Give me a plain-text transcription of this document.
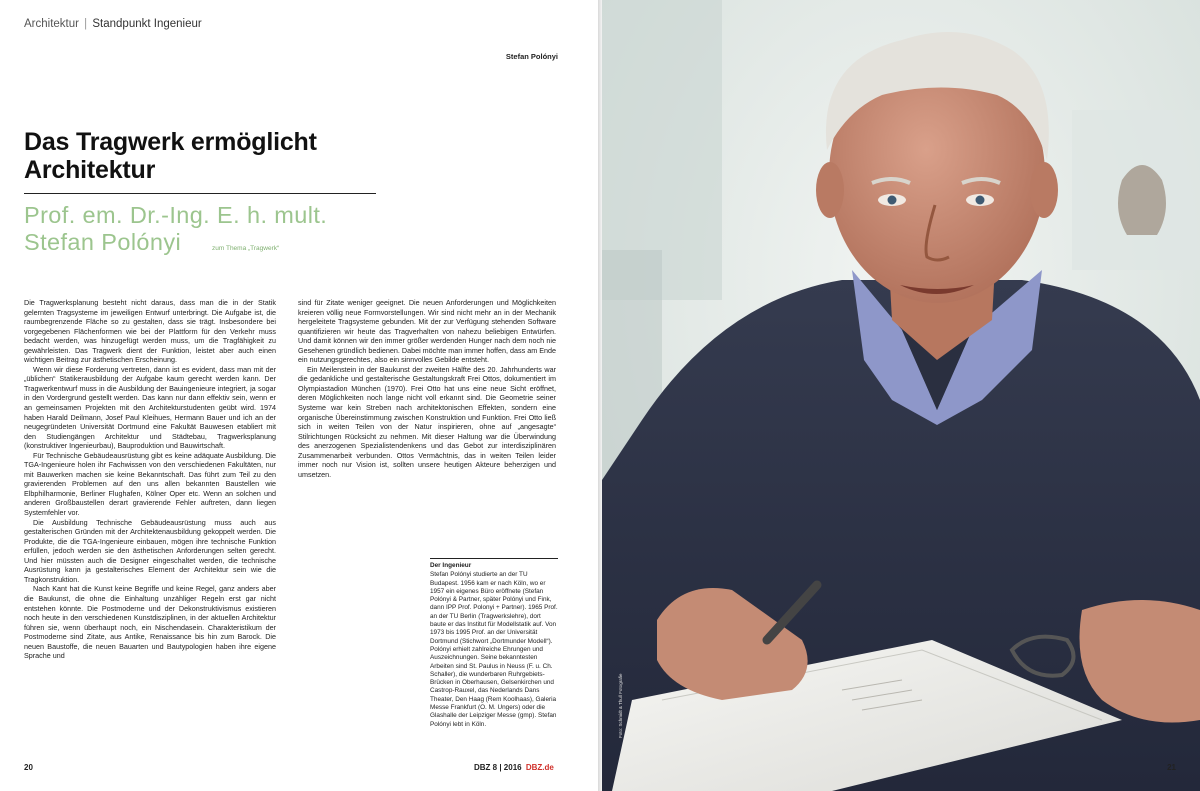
Architektur | Standpunkt Ingenieur
Stefan Polónyi
Das Tragwerk ermöglicht
Architektur
Prof. em. Dr.-Ing. E. h. mult.
Stefan Polónyi	zum Thema „Tragwerk“

Die Tragwerksplanung besteht nicht daraus, dass man die in der Statik gelernten Tragsysteme im jeweiligen Entwurf unterbringt. Die Aufgabe ist, die raumbegrenzende Fläche so zu gestalten, dass sie trägt. Insbesondere bei vorgegebenen Flächenformen wie bei der Plattform für den Verkehr muss bedacht werden, was hinzugefügt werden muss, um die Tragfähigkeit zu gewährleisten. Das Tragwerk dient der Funktion, leistet aber auch einen wichtigen Beitrag zur ästhetischen Erscheinung.

Wenn wir diese Forderung vertreten, dann ist es evident, dass man mit der „üblichen“ Statikerausbildung der Aufgabe kaum gerecht werden kann. Der Tragwerkentwurf muss in die Ausbildung der Bauingenieure integriert, ja sogar in den Vordergrund gestellt werden. Das kann nur dann effektiv sein, wenn er an gemeinsamen Projekten mit den Architekturstudenten geübt wird. 1974 haben Harald Deilmann, Josef Paul Kleihues, Hermann Bauer und ich an der neugegründeten Universität Dortmund eine Fakultät Bauwesen etabliert mit den Studiengängen Architektur und Städtebau, Tragwerksplanung (konstruktiver Ingenieurbau), Bauproduktion und Bauwirtschaft.

Für Technische Gebäudeausrüstung gibt es keine adäquate Ausbildung. Die TGA-Ingenieure holen ihr Fachwissen von den verschiedenen Fakultäten, nur mit Bauwerken machen sie keine Bekanntschaft. Das führt zum Teil zu den gravierenden Problemen auf den uns allen bekannten Baustellen wie Elbphilharmonie, Berliner Flughafen, Kölner Oper etc. Wenn an solchen und anderen Großbaustellen derart gravierende Fehler auftreten, dann liegen Systemfehler vor.

Die Ausbildung Technische Gebäudeausrüstung muss auch aus gestalterischen Gründen mit der Architektenausbildung gekoppelt werden. Die Produkte, die die TGA-Ingenieure einbauen, mögen ihre technische Funktion erfüllen, jedoch werden sie den ästhetischen Anforderungen selten gerecht. Und hier müssten auch die Designer eingeschaltet werden, die technische Ausrüstung kann ja gestalterisches Element der Architektur sein wie die Tragkonstruktion.

Nach Kant hat die Kunst keine Begriffe und keine Regel, ganz anders aber die Baukunst, die ohne die Einhaltung unzähliger Regeln erst gar nicht entstehen könnte. Die Postmoderne und der Dekonstruktivismus existieren noch heute in den verschiedenen Kunstdisziplinen, in der aktuellen Architektur führen sie, wenn überhaupt noch, ein Nischendasein. Charakteristikum der Postmoderne sind Zitate, aus Antike, Renaissance bis hin zum Barock. Die neuen Baustoffe, die neuen Bauarten und Bautypologien haben ihre eigene Sprache und

sind für Zitate weniger geeignet. Die neuen Anforderungen und Möglichkeiten kreieren völlig neue Formvorstellungen. Wir sind nicht mehr an in der Mechanik hergeleitete Tragsysteme gebunden. Mit der zur Verfügung stehenden Software quantifizieren wir heute das Tragverhalten von nahezu beliebigen Entwürfen. Und damit können wir den immer größer werdenden Hunger nach dem noch nie Gesehenen gründlich bedienen. Dabei möchte man immer hoffen, dass am Ende ein nutzungsgerechtes, also ein sinnvolles Gebilde entsteht.

Ein Meilenstein in der Baukunst der zweiten Hälfte des 20. Jahrhunderts war die gedankliche und gestalterische Gestaltungskraft Frei Ottos, dokumentiert im Olympiastadion München (1970). Frei Otto hat uns eine neue Sicht eröffnet, deren Möglichkeiten noch lange nicht voll erkannt sind. Die Geometrie seiner Systeme war kein Streben nach architektonischen Effekten, sondern eine organische Übereinstimmung zwischen Konstruktion und Funktion. Frei Otto ließ sich in weiten Teilen von der Natur inspirieren, ohne auf „angesagte“ Stilrichtungen Rücksicht zu nehmen. Mit dieser Haltung war die Überwindung des anerzogenen Spezialistendenkens und das Gebot zur interdisziplinären Zusammenarbeit verbunden. Ottos Vermächtnis, das in weiten Teilen leider immer noch nur Vision ist, sollten unsere heutigen Akteure beherzigen und umsetzen.

Der Ingenieur
Stefan Polónyi studierte an der TU Budapest. 1956 kam er nach Köln, wo er 1957 ein eigenes Büro eröffnete (Stefan Polónyi & Partner, später Polónyi und Fink, dann IPP Prof. Polonyi + Partner). 1965 Prof. an der TU Berlin (Tragwerkslehre), dort baute er das Institut für Modellstatik auf. Von 1973 bis 1995 Prof. an der Universität Dortmund (Stichwort „Dortmunder Modell“). Polónyi erhielt zahlreiche Ehrungen und Auszeichnungen. Seine bekanntesten Arbeiten sind St. Paulus in Neuss (F. u. Ch. Schaller), die wunderbaren Ruhrgebiets-Brücken in Oberhausen, Gelsenkirchen und Castrop-Rauxel, das Nederlands Dans Theater, Den Haag (Rem Koolhaas), Galeria Messe Frankfurt (O. M. Ungers) oder die Glashalle der Leipziger Messe (gmp). Stefan Polónyi lebt in Köln.
20	DBZ 8 | 2016 DBZ.de
Foto: Schmidt & Thull Fotografie
21
